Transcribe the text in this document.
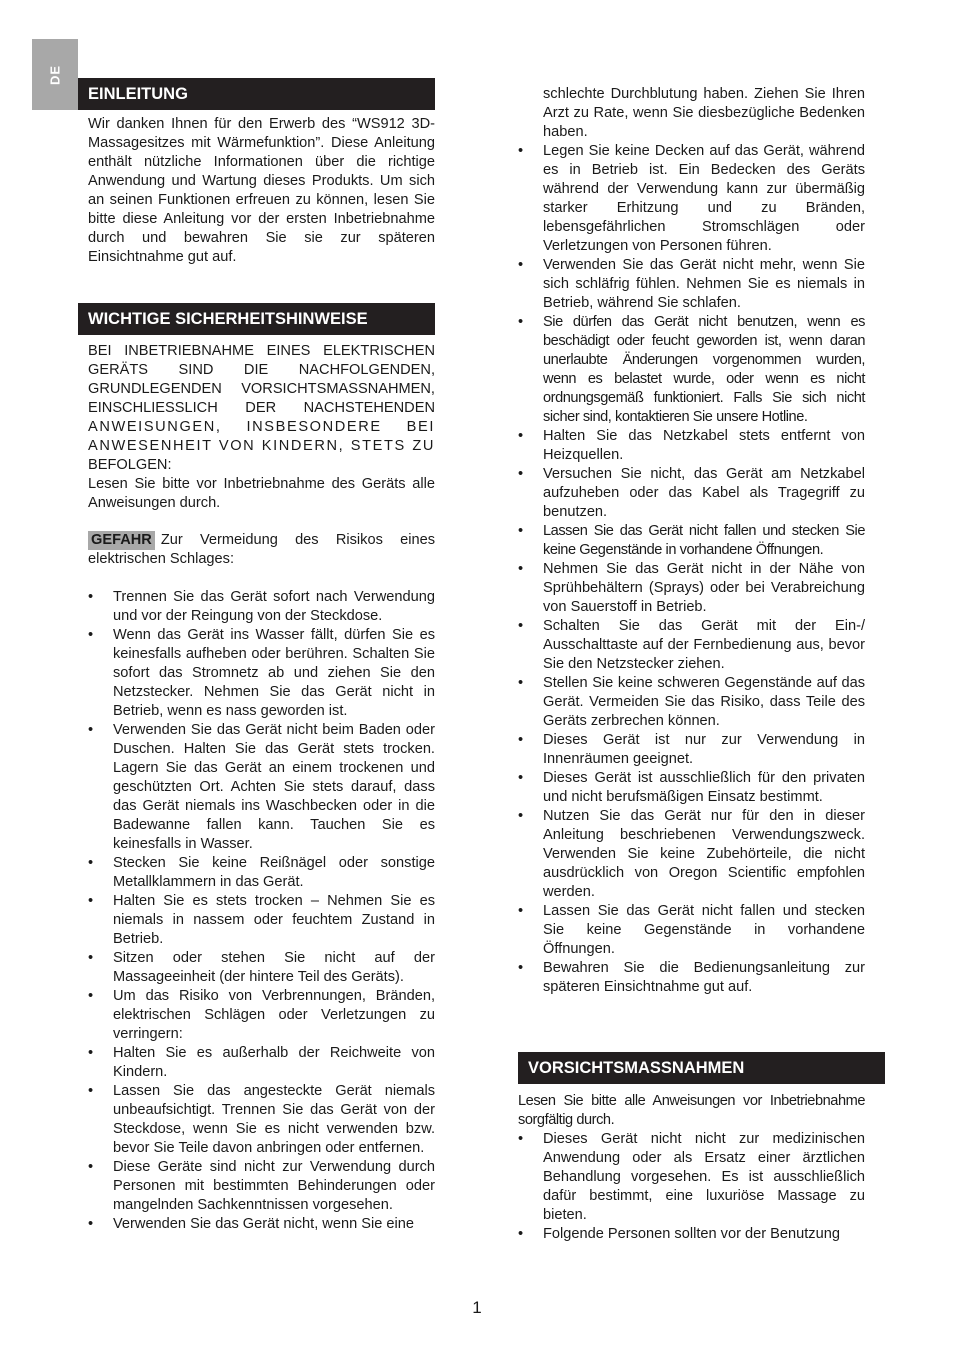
DE
EINLEITUNG

Wir danken Ihnen für den Erwerb des “WS912 3D-Massagesitzes mit Wärmefunktion”. Diese Anleitung enthält nützliche Informationen über die richtige Anwendung und Wartung dieses Produkts. Um sich an seinen Funktionen erfreuen zu können, lesen Sie bitte diese Anleitung vor der ersten Inbetriebnahme durch und bewahren Sie sie zur späteren Einsichtnahme gut auf.

WICHTIGE SICHERHEITSHINWEISE

BEI INBETRIEBNAHME EINES ELEKTRISCHEN GERÄTS SIND DIE NACHFOLGENDEN, GRUNDLEGENDEN VORSICHTSMASSNAHMEN, EINSCHLIESSLICH DER NACHSTEHENDEN ANWEISUNGEN, INSBESONDERE BEI ANWESENHEIT VON KINDERN, STETS ZU BEFOLGEN:

Lesen Sie bitte vor Inbetriebnahme des Geräts alle Anweisungen durch.

GEFAHR Zur Vermeidung des Risikos eines elektrischen Schlages:

• Trennen Sie das Gerät sofort nach Verwendung und vor der Reingung von der Steckdose.
• Wenn das Gerät ins Wasser fällt, dürfen Sie es keinesfalls aufheben oder berühren. Schalten Sie sofort das Stromnetz ab und ziehen Sie den Netzstecker. Nehmen Sie das Gerät nicht in Betrieb, wenn es nass geworden ist.
• Verwenden Sie das Gerät nicht beim Baden oder Duschen. Halten Sie das Gerät stets trocken. Lagern Sie das Gerät an einem trockenen und geschützten Ort. Achten Sie stets darauf, dass das Gerät niemals ins Waschbecken oder in die Badewanne fallen kann. Tauchen Sie es keinesfalls in Wasser.
• Stecken Sie keine Reißnägel oder sonstige Metallklammern in das Gerät.
• Halten Sie es stets trocken – Nehmen Sie es niemals in nassem oder feuchtem Zustand in Betrieb.
• Sitzen oder stehen Sie nicht auf der Massageeinheit (der hintere Teil des Geräts).
• Um das Risiko von Verbrennungen, Bränden, elektrischen Schlägen oder Verletzungen zu verringern:
• Halten Sie es außerhalb der Reichweite von Kindern.
• Lassen Sie das angesteckte Gerät niemals unbeaufsichtigt. Trennen Sie das Gerät von der Steckdose, wenn Sie es nicht verwenden bzw. bevor Sie Teile davon anbringen oder entfernen.
• Diese Geräte sind nicht zur Verwendung durch Personen mit bestimmten Behinderungen oder mangelnden Sachkenntnissen vorgesehen.
• Verwenden Sie das Gerät nicht, wenn Sie eine

schlechte Durchblutung haben. Ziehen Sie Ihren Arzt zu Rate, wenn Sie diesbezügliche Bedenken haben.

• Legen Sie keine Decken auf das Gerät, während es in Betrieb ist. Ein Bedecken des Geräts während der Verwendung kann zur übermäßig starker Erhitzung und zu Bränden, lebensgefährlichen Stromschlägen oder Verletzungen von Personen führen.
• Verwenden Sie das Gerät nicht mehr, wenn Sie sich schläfrig fühlen. Nehmen Sie es niemals in Betrieb, während Sie schlafen.
• Sie dürfen das Gerät nicht benutzen, wenn es beschädigt oder feucht geworden ist, wenn daran unerlaubte Änderungen vorgenommen wurden, wenn es belastet wurde, oder wenn es nicht ordnungsgemäß funktioniert. Falls Sie sich nicht sicher sind, kontaktieren Sie unsere Hotline.
• Halten Sie das Netzkabel stets entfernt von Heizquellen.
• Versuchen Sie nicht, das Gerät am Netzkabel aufzuheben oder das Kabel als Tragegriff zu benutzen.
• Lassen Sie das Gerät nicht fallen und stecken Sie keine Gegenstände in vorhandene Öffnungen.
• Nehmen Sie das Gerät nicht in der Nähe von Sprühbehältern (Sprays) oder bei Verabreichung von Sauerstoff in Betrieb.
• Schalten Sie das Gerät mit der Ein-/ Ausschalttaste auf der Fernbedienung aus, bevor Sie den Netzstecker ziehen.
• Stellen Sie keine schweren Gegenstände auf das Gerät. Vermeiden Sie das Risiko, dass Teile des Geräts zerbrechen können.
• Dieses Gerät ist nur zur Verwendung in Innenräumen geeignet.
• Dieses Gerät ist ausschließlich für den privaten und nicht berufsmäßigen Einsatz bestimmt.
• Nutzen Sie das Gerät nur für den in dieser Anleitung beschriebenen Verwendungszweck. Verwenden Sie keine Zubehörteile, die nicht ausdrücklich von Oregon Scientific empfohlen werden.
• Lassen Sie das Gerät nicht fallen und stecken Sie keine Gegenstände in vorhandene Öffnungen.
• Bewahren Sie die Bedienungsanleitung zur späteren Einsichtnahme gut auf.
VORSICHTSMASSNAHMEN

Lesen Sie bitte alle Anweisungen vor Inbetriebnahme sorgfältig durch.

• Dieses Gerät nicht nicht zur medizinischen Anwendung oder als Ersatz einer ärztlichen Behandlung vorgesehen. Es ist ausschließlich dafür bestimmt, eine luxuriöse Massage zu bieten.
• Folgende Personen sollten vor der Benutzung
1
